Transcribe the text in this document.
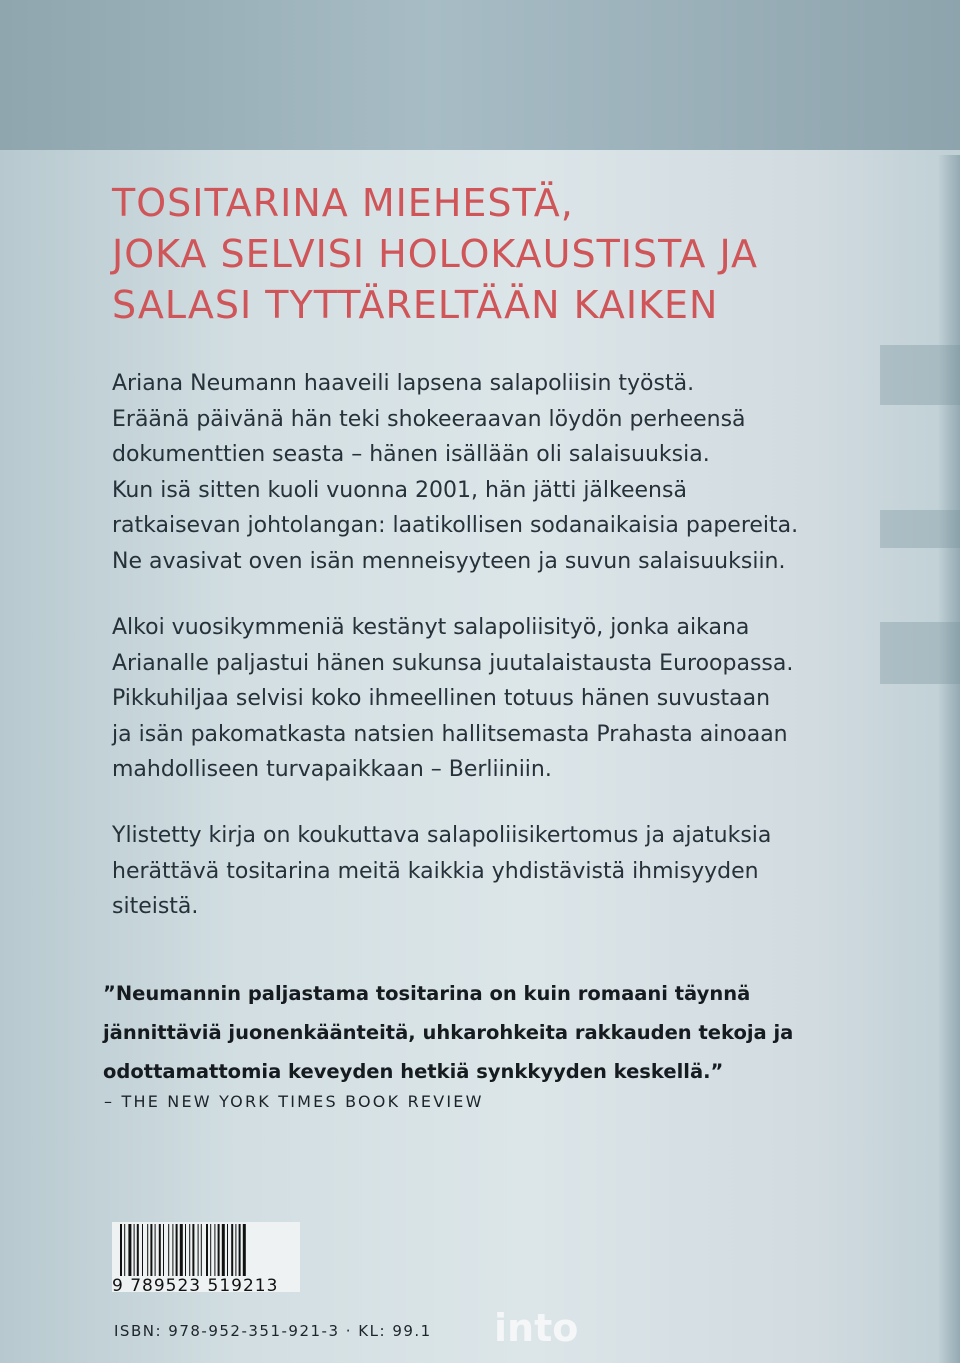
TOSITARINA MIEHESTÄ,
JOKA SELVISI HOLOKAUSTISTA JA
SALASI TYTTÄRELTÄÄN KAIKEN
Ariana Neumann haaveili lapsena salapoliisin työstä.
Eräänä päivänä hän teki shokeeraavan löydön perheensä
dokumenttien seasta – hänen isällään oli salaisuuksia.
Kun isä sitten kuoli vuonna 2001, hän jätti jälkeensä
ratkaisevan johtolangan: laatikollisen sodanaikaisia papereita.
Ne avasivat oven isän menneisyyteen ja suvun salaisuuksiin.
Alkoi vuosikymmeniä kestänyt salapoliisityö, jonka aikana
Arianalle paljastui hänen sukunsa juutalaistausta Euroopassa.
Pikkuhiljaa selvisi koko ihmeellinen totuus hänen suvustaan
ja isän pakomatkasta natsien hallitsemasta Prahasta ainoaan
mahdolliseen turvapaikkaan – Berliiniin.
Ylistetty kirja on koukuttava salapoliisikertomus ja ajatuksia
herättävä tositarina meitä kaikkia yhdistävistä ihmisyyden
siteistä.
”Neumannin paljastama tositarina on kuin romaani täynnä
jännittäviä juonenkäänteitä, uhkarohkeita rakkauden tekoja ja
odottamattomia keveyden hetkiä synkkyyden keskellä.”
– THE NEW YORK TIMES BOOK REVIEW
9 789523 519213
ISBN: 978-952-351-921-3 · KL: 99.1 into
